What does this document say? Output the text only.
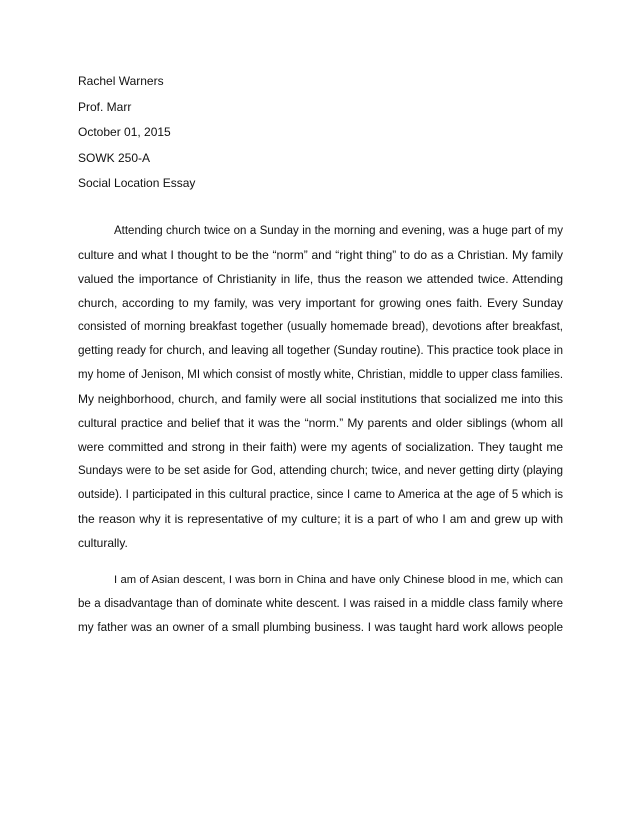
Rachel Warners
Prof. Marr
October 01, 2015
SOWK 250-A
Social Location Essay
Attending church twice on a Sunday in the morning and evening, was a huge part of my
culture and what I thought to be the “norm” and “right thing” to do as a Christian. My family
valued the importance of Christianity in life, thus the reason we attended twice. Attending
church, according to my family, was very important for growing ones faith. Every Sunday
consisted of morning breakfast together (usually homemade bread), devotions after breakfast,
getting ready for church, and leaving all together (Sunday routine). This practice took place in
my home of Jenison, MI which consist of mostly white, Christian, middle to upper class families.
My neighborhood, church, and family were all social institutions that socialized me into this
cultural practice and belief that it was the “norm.” My parents and older siblings (whom all
were committed and strong in their faith) were my agents of socialization. They taught me
Sundays were to be set aside for God, attending church; twice, and never getting dirty (playing
outside). I participated in this cultural practice, since I came to America at the age of 5 which is
the reason why it is representative of my culture; it is a part of who I am and grew up with
culturally.
I am of Asian descent, I was born in China and have only Chinese blood in me, which can
be a disadvantage than of dominate white descent. I was raised in a middle class family where
my father was an owner of a small plumbing business. I was taught hard work allows people
